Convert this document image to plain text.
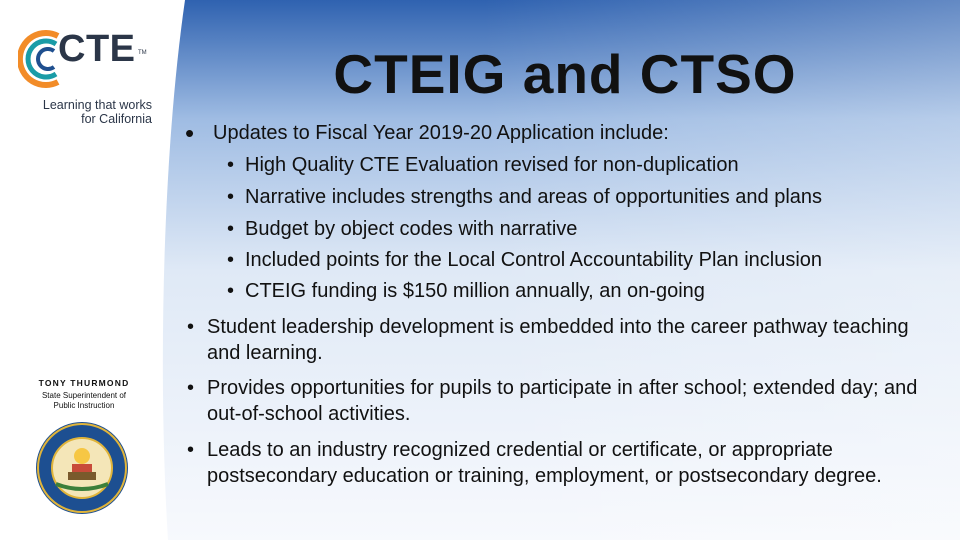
CTE TM
Learning that works
for California
TONY THURMOND
State Superintendent of
Public Instruction
CTEIG and CTSO
• Updates to Fiscal Year 2019-20 Application include:
• High Quality CTE Evaluation revised for non-duplication
• Narrative includes strengths and areas of opportunities and plans
• Budget by object codes with narrative
• Included points for the Local Control Accountability Plan inclusion
• CTEIG funding is $150 million annually, an on-going
• Student leadership development is embedded into the career pathway teaching and learning.
• Provides opportunities for pupils to participate in after school; extended day; and out-of-school activities.
• Leads to an industry recognized credential or certificate, or appropriate postsecondary education or training, employment, or postsecondary degree.
